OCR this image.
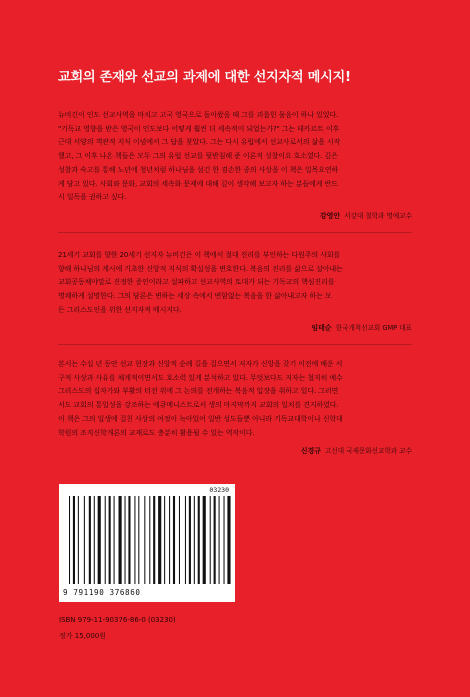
교회의 존재와 선교의 과제에 대한 선지자적 메시지!

뉴비긴이 인도 선교사역을 마치고 고국 영국으로 돌아왔을 때 그를 괴롭힌 물음이 하나 있었다.

"기독교 영향을 받은 영국이 인도보다 어떻게 훨씬 더 세속적이 되었는가?" 그는 데카르트 이후

근대 서양의 객관적 지식 이념에서 그 답을 찾았다. 그는 다시 유럽에서 선교사로서의 삶을 시작

했고, 그 이후 나온 책들은 모두 그의 유럽 선교를 뒷받침해 준 이론적 성찰이요 호소였다. 깊은

성찰과 숙고를 통해 노년에 청년처럼 하나님을 섬긴 한 겸손한 종의 사상을 이 책은 일목요연하

게 담고 있다. 사회와 문화, 교회의 세속화 문제에 대해 깊이 생각해 보고자 하는 분들에게 반드

시 일독을 권하고 싶다.

강영안 서강대 철학과 명예교수

21세기 교회를 향한 20세기 선지자 뉴비긴은 이 책에서 절대 진리를 부인하는 다원주의 사회를

향해 하나님의 계시에 기초한 신앙적 지식의 확실성을 변호한다. 복음의 진리를 삶으로 살아내는

교회공동체야말로 진정한 증인이라고 설파하고 선교사역의 토대가 되는 기독교의 핵심진리를

명쾌하게 설명한다. 그의 담론은 변하는 세상 속에서 변함없는 복음을 한 삶아내고자 하는 모

든 그리스도인을 위한 선지자적 메시지다.

임태순 한국개척선교회 GMP 대표

본서는 수십 년 동안 선교 현장과 신앙적 순례 길을 걸으면서 저자가 신앙을 갖기 이전에 배운 서

구적 사상과 사유를 체계적이면서도 호소력 있게 분석하고 있다. 무엇보다도 저자는 철저히 예수

그리스도의 십자가와 부활의 터전 위에 그 논의를 전개하는 복음적 입장을 취하고 있다. 그러면

서도 교회의 통일성을 강조하는 에큐메니스트로서 생의 마지막까지 교회의 일치를 견지하였다.

이 책은 그의 일생에 걸친 사상의 여정이 녹아있어 일반 성도들뿐 아니라 기독교대학이나 신학대

학원의 조직신학개론의 교재로도 충분히 활용될 수 있는 역작이다.

신경규 고신대 국제문화선교학과 교수
03230
9 791190 376860
ISBN 979-11-90376-86-0 (03230)
정가 15,000원
